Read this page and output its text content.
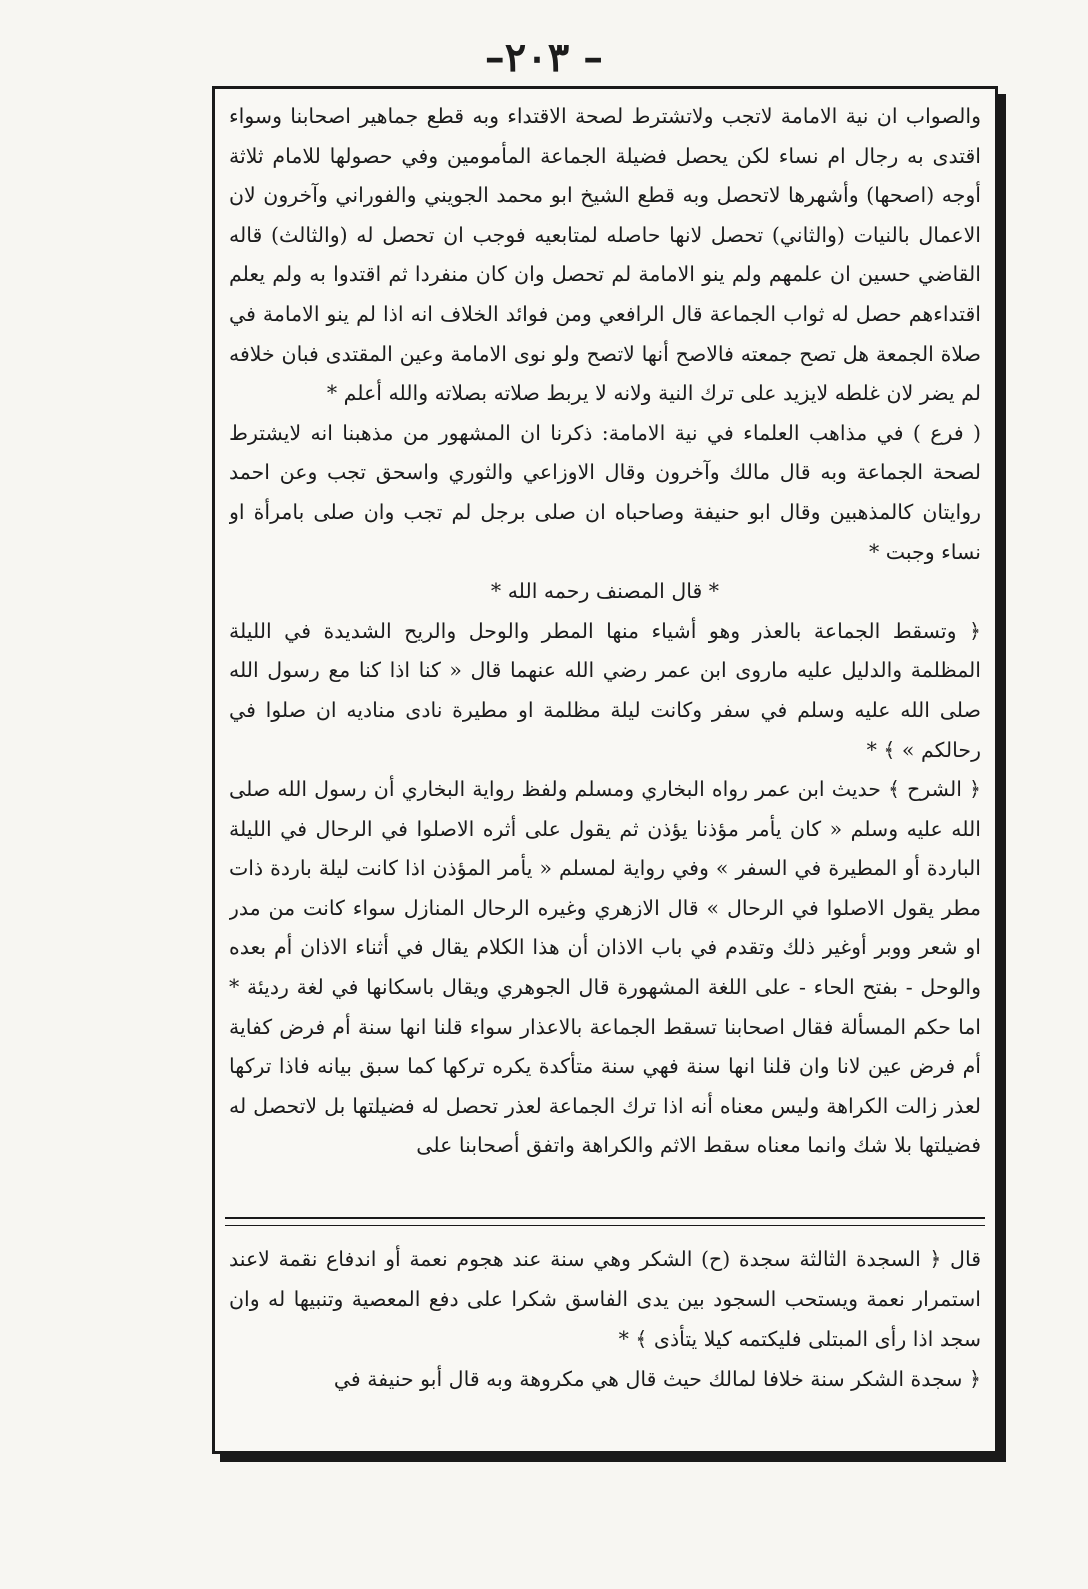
– ٢٠٣–

والصواب ان نية الامامة لاتجب ولاتشترط لصحة الاقتداء وبه قطع جماهير اصحابنا وسواء اقتدى به رجال ام نساء لكن يحصل فضيلة الجماعة المأمومين وفي حصولها للامام ثلاثة أوجه (اصحها) وأشهرها لاتحصل وبه قطع الشيخ ابو محمد الجويني والفوراني وآخرون لان الاعمال بالنيات (والثاني) تحصل لانها حاصله لمتابعيه فوجب ان تحصل له (والثالث) قاله القاضي حسين ان علمهم ولم ينو الامامة لم تحصل وان كان منفردا ثم اقتدوا به ولم يعلم اقتداءهم حصل له ثواب الجماعة قال الرافعي ومن فوائد الخلاف انه اذا لم ينو الامامة في صلاة الجمعة هل تصح جمعته فالاصح أنها لاتصح ولو نوى الامامة وعين المقتدى فبان خلافه لم يضر لان غلطه لايزيد على ترك النية ولانه لا يربط صلاته بصلاته والله أعلم *

( فرع ) في مذاهب العلماء في نية الامامة: ذكرنا ان المشهور من مذهبنا انه لايشترط لصحة الجماعة وبه قال مالك وآخرون وقال الاوزاعي والثوري واسحق تجب وعن احمد روايتان كالمذهبين وقال ابو حنيفة وصاحباه ان صلى برجل لم تجب وان صلى بامرأة او نساء وجبت *

* قال المصنف رحمه الله *

﴿ وتسقط الجماعة بالعذر وهو أشياء منها المطر والوحل والريح الشديدة في الليلة المظلمة والدليل عليه ماروى ابن عمر رضي الله عنهما قال « كنا اذا كنا مع رسول الله صلى الله عليه وسلم في سفر وكانت ليلة مظلمة او مطيرة نادى مناديه ان صلوا في رحالكم » ﴾ *

﴿ الشرح ﴾ حديث ابن عمر رواه البخاري ومسلم ولفظ رواية البخاري أن رسول الله صلى الله عليه وسلم « كان يأمر مؤذنا يؤذن ثم يقول على أثره الاصلوا في الرحال في الليلة الباردة أو المطيرة في السفر » وفي رواية لمسلم « يأمر المؤذن اذا كانت ليلة باردة ذات مطر يقول الاصلوا في الرحال » قال الازهري وغيره الرحال المنازل سواء كانت من مدر او شعر ووبر أوغير ذلك وتقدم في باب الاذان أن هذا الكلام يقال في أثناء الاذان أم بعده والوحل - بفتح الحاء - على اللغة المشهورة قال الجوهري ويقال باسكانها في لغة رديئة * اما حكم المسألة فقال اصحابنا تسقط الجماعة بالاعذار سواء قلنا انها سنة أم فرض كفاية أم فرض عين لانا وان قلنا انها سنة فهي سنة متأكدة يكره تركها كما سبق بيانه فاذا تركها لعذر زالت الكراهة وليس معناه أنه اذا ترك الجماعة لعذر تحصل له فضيلتها بل لاتحصل له فضيلتها بلا شك وانما معناه سقط الاثم والكراهة واتفق أصحابنا على

قال ﴿ السجدة الثالثة سجدة (ح) الشكر وهي سنة عند هجوم نعمة أو اندفاع نقمة لاعند استمرار نعمة ويستحب السجود بين يدى الفاسق شكرا على دفع المعصية وتنبيها له وان سجد اذا رأى المبتلى فليكتمه كيلا يتأذى ﴾ *

﴿ سجدة الشكر سنة خلافا لمالك حيث قال هي مكروهة وبه قال أبو حنيفة في
